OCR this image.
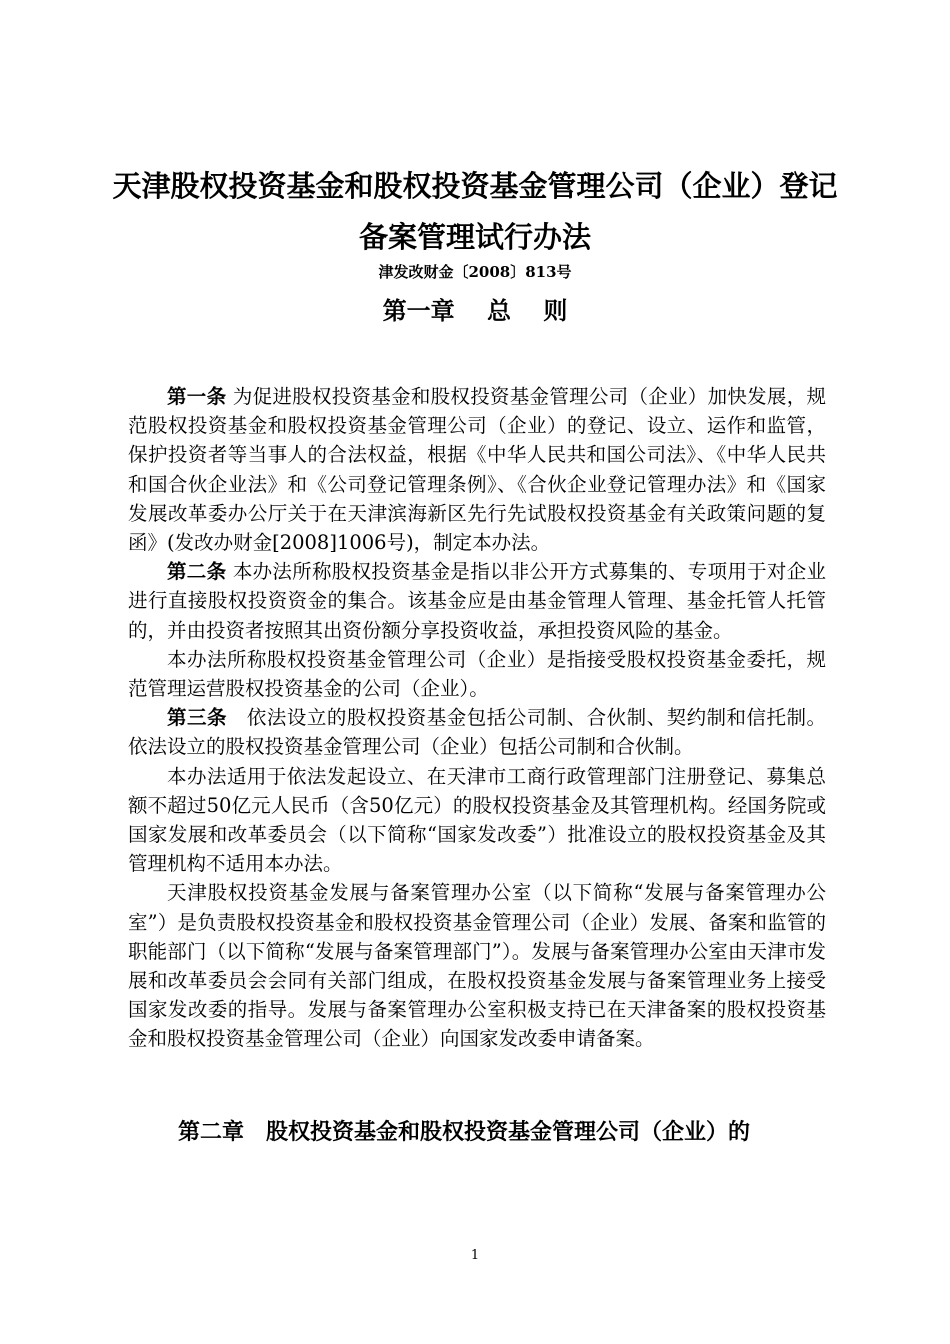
天津股权投资基金和股权投资基金管理公司（企业）登记
备案管理试行办法
津发改财金〔2008〕813号
第一章　 总　 则

第一条 为促进股权投资基金和股权投资基金管理公司（企业）加快发展，规范股权投资基金和股权投资基金管理公司（企业）的登记、设立、运作和监管，保护投资者等当事人的合法权益，根据《中华人民共和国公司法》、《中华人民共和国合伙企业法》和《公司登记管理条例》、《合伙企业登记管理办法》和《国家发展改革委办公厅关于在天津滨海新区先行先试股权投资基金有关政策问题的复函》(发改办财金[2008]1006号)，制定本办法。

第二条 本办法所称股权投资基金是指以非公开方式募集的、专项用于对企业进行直接股权投资资金的集合。该基金应是由基金管理人管理、基金托管人托管的，并由投资者按照其出资份额分享投资收益，承担投资风险的基金。

本办法所称股权投资基金管理公司（企业）是指接受股权投资基金委托，规范管理运营股权投资基金的公司（企业）。

第三条　依法设立的股权投资基金包括公司制、合伙制、契约制和信托制。依法设立的股权投资基金管理公司（企业）包括公司制和合伙制。

本办法适用于依法发起设立、在天津市工商行政管理部门注册登记、募集总额不超过50亿元人民币（含50亿元）的股权投资基金及其管理机构。经国务院或国家发展和改革委员会（以下简称“国家发改委”）批准设立的股权投资基金及其管理机构不适用本办法。

天津股权投资基金发展与备案管理办公室（以下简称“发展与备案管理办公室”）是负责股权投资基金和股权投资基金管理公司（企业）发展、备案和监管的职能部门（以下简称“发展与备案管理部门”）。发展与备案管理办公室由天津市发展和改革委员会会同有关部门组成，在股权投资基金发展与备案管理业务上接受国家发改委的指导。发展与备案管理办公室积极支持已在天津备案的股权投资基金和股权投资基金管理公司（企业）向国家发改委申请备案。

第二章　股权投资基金和股权投资基金管理公司（企业）的
1
